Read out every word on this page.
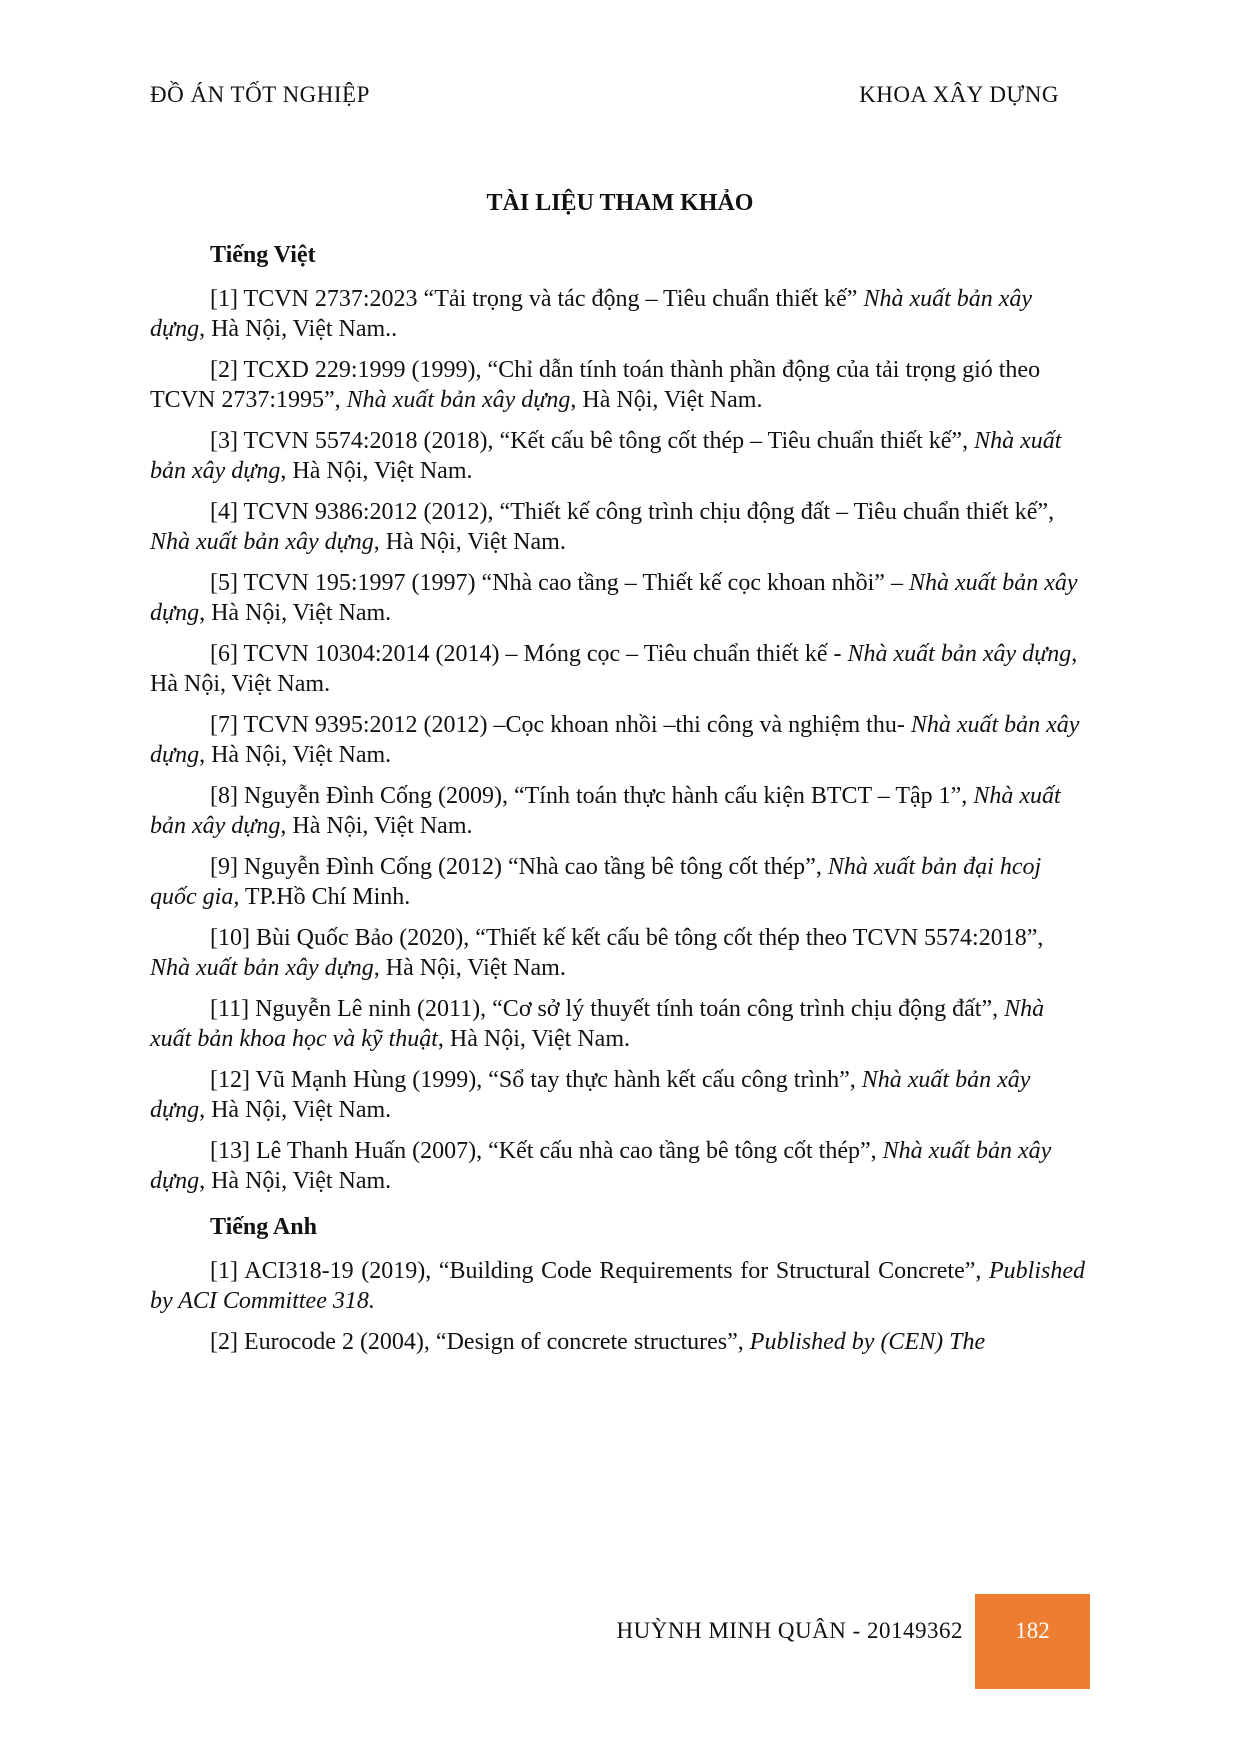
ĐỒ ÁN TỐT NGHIỆP	KHOA XÂY DỰNG
TÀI LIỆU THAM KHẢO
Tiếng Việt

[1] TCVN 2737:2023 “Tải trọng và tác động – Tiêu chuẩn thiết kế” Nhà xuất bản xây dựng, Hà Nội, Việt Nam..

[2] TCXD 229:1999 (1999), “Chỉ dẫn tính toán thành phần động của tải trọng gió theo TCVN 2737:1995”, Nhà xuất bản xây dựng, Hà Nội, Việt Nam.

[3] TCVN 5574:2018 (2018), “Kết cấu bê tông cốt thép – Tiêu chuẩn thiết kế”, Nhà xuất bản xây dựng, Hà Nội, Việt Nam.

[4] TCVN 9386:2012 (2012), “Thiết kế công trình chịu động đất – Tiêu chuẩn thiết kế”, Nhà xuất bản xây dựng, Hà Nội, Việt Nam.

[5] TCVN 195:1997 (1997) “Nhà cao tầng – Thiết kế cọc khoan nhồi” – Nhà xuất bản xây dựng, Hà Nội, Việt Nam.

[6] TCVN 10304:2014 (2014) – Móng cọc – Tiêu chuẩn thiết kế - Nhà xuất bản xây dựng, Hà Nội, Việt Nam.

[7] TCVN 9395:2012 (2012) –Cọc khoan nhồi –thi công và nghiệm thu- Nhà xuất bản xây dựng, Hà Nội, Việt Nam.

[8] Nguyễn Đình Cống (2009), “Tính toán thực hành cấu kiện BTCT – Tập 1”, Nhà xuất bản xây dựng, Hà Nội, Việt Nam.

[9] Nguyễn Đình Cống (2012) “Nhà cao tầng bê tông cốt thép”, Nhà xuất bản đại hcoj quốc gia, TP.Hồ Chí Minh.

[10] Bùi Quốc Bảo (2020), “Thiết kế kết cấu bê tông cốt thép theo TCVN 5574:2018”, Nhà xuất bản xây dựng, Hà Nội, Việt Nam.

[11] Nguyễn Lê ninh (2011), “Cơ sở lý thuyết tính toán công trình chịu động đất”, Nhà xuất bản khoa học và kỹ thuật, Hà Nội, Việt Nam.

[12] Vũ Mạnh Hùng (1999), “Sổ tay thực hành kết cấu công trình”, Nhà xuất bản xây dựng, Hà Nội, Việt Nam.

[13] Lê Thanh Huấn (2007), “Kết cấu nhà cao tầng bê tông cốt thép”, Nhà xuất bản xây dựng, Hà Nội, Việt Nam.

Tiếng Anh

[1] ACI318-19 (2019), “Building Code Requirements for Structural Concrete”, Published by ACI Committee 318.

[2] Eurocode 2 (2004), “Design of concrete structures”, Published by (CEN) The

HUỲNH MINH QUÂN - 20149362	182
